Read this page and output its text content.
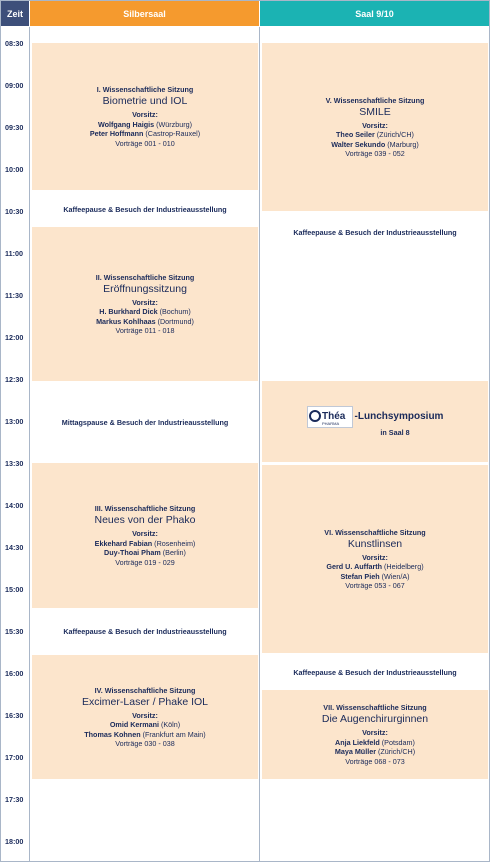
Zeit	Silbersaal	Saal 9/10
08:30
09:00
09:30
10:00
10:30
11:00
11:30
12:00
12:30
13:00
13:30
14:00
14:30
15:00
15:30
16:00
16:30
17:00
17:30
18:00
I. Wissenschaftliche Sitzung
Biometrie und IOL
Vorsitz:
Wolfgang Haigis (Würzburg)
Peter Hoffmann (Castrop-Rauxel)
Vorträge 001 - 010
Kaffeepause & Besuch der Industrieausstellung
II. Wissenschaftliche Sitzung
Eröffnungssitzung
Vorsitz:
H. Burkhard Dick (Bochum)
Markus Kohlhaas (Dortmund)
Vorträge 011 - 018
Mittagspause & Besuch der Industrieausstellung
III. Wissenschaftliche Sitzung
Neues von der Phako
Vorsitz:
Ekkehard Fabian (Rosenheim)
Duy-Thoai Pham (Berlin)
Vorträge 019 - 029
Kaffeepause & Besuch der Industrieausstellung
IV. Wissenschaftliche Sitzung
Excimer-Laser / Phake IOL
Vorsitz:
Omid Kermani (Köln)
Thomas Kohnen (Frankfurt am Main)
Vorträge 030 - 038
V. Wissenschaftliche Sitzung
SMILE
Vorsitz:
Theo Seiler (Zürich/CH)
Walter Sekundo (Marburg)
Vorträge 039 - 052
Kaffeepause & Besuch der Industrieausstellung
Théa
PHARMA
-Lunchsymposium
in Saal 8
VI. Wissenschaftliche Sitzung
Kunstlinsen
Vorsitz:
Gerd U. Auffarth (Heidelberg)
Stefan Pieh (Wien/A)
Vorträge 053 - 067
Kaffeepause & Besuch der Industrieausstellung
VII. Wissenschaftliche Sitzung
Die Augenchirurginnen
Vorsitz:
Anja Liekfeld (Potsdam)
Maya Müller (Zürich/CH)
Vorträge 068 - 073
